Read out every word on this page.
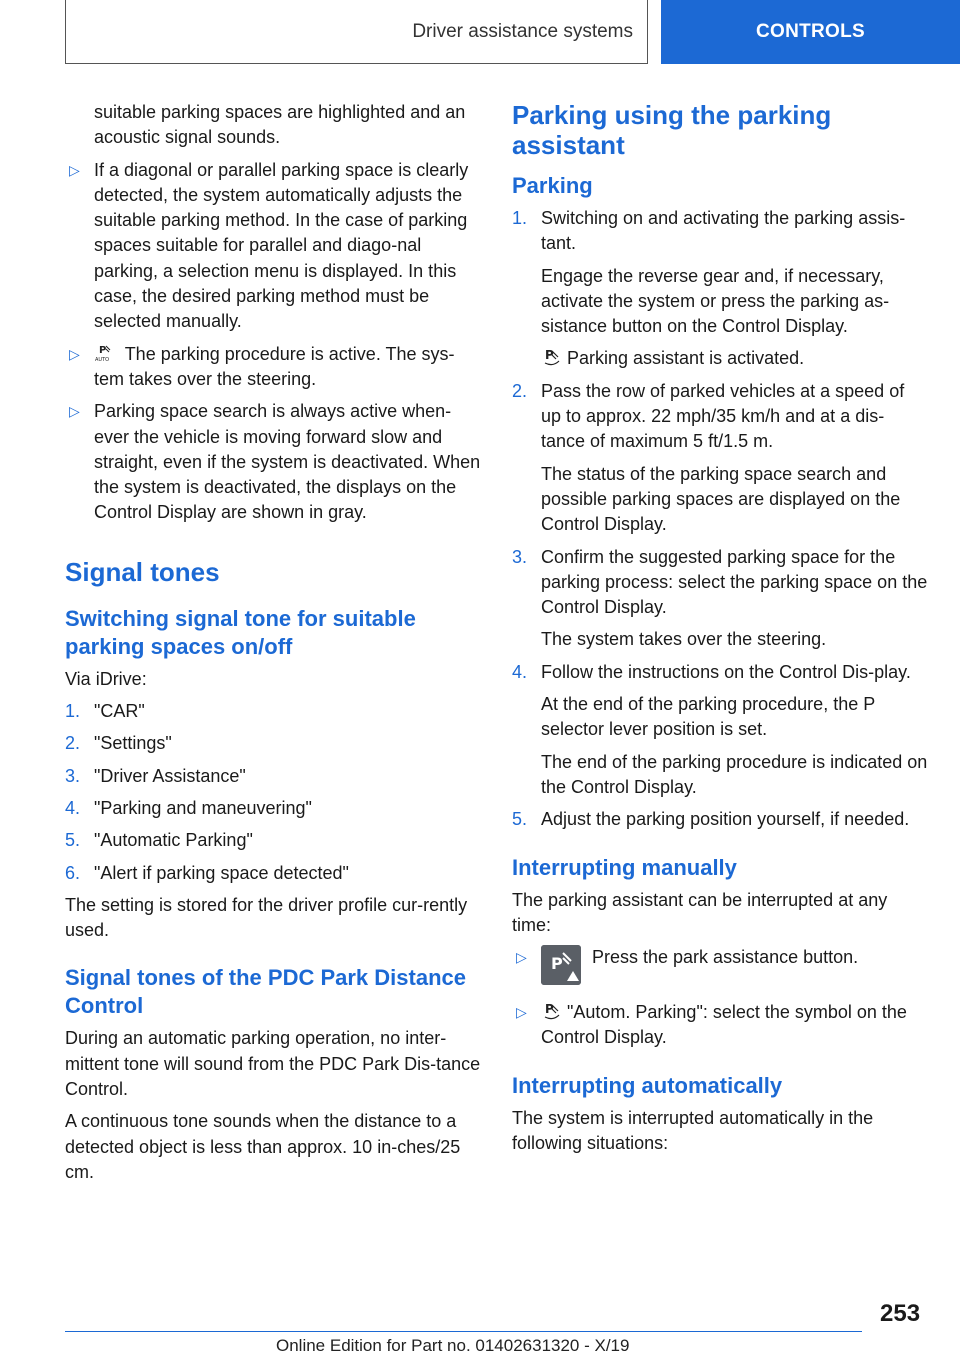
Driver assistance systems	CONTROLS

suitable parking spaces are highlighted and an acoustic signal sounds.

▷ If a diagonal or parallel parking space is clearly detected, the system automatically adjusts the suitable parking method. In the case of parking spaces suitable for parallel and diago‐nal parking, a selection menu is displayed. In this case, the desired parking method must be selected manually.
▷ P
AUTO The parking procedure is active. The sys‐tem takes over the steering.
▷ Parking space search is always active when‐ever the vehicle is moving forward slow and straight, even if the system is deactivated. When the system is deactivated, the displays on the Control Display are shown in gray.
Signal tones
Switching signal tone for suitable parking spaces on/off

Via iDrive:

1. "CAR"
2. "Settings"
3. "Driver Assistance"
4. "Parking and maneuvering"
5. "Automatic Parking"
6. "Alert if parking space detected"

The setting is stored for the driver profile cur‐rently used.

Signal tones of the PDC Park Distance Control

During an automatic parking operation, no inter‐mittent tone will sound from the PDC Park Dis‐tance Control.

A continuous tone sounds when the distance to a detected object is less than approx. 10 in‐ches/25 cm.

Parking using the parking assistant
Parking
1. Switching on and activating the parking assis‐tant.
Engage the reverse gear and, if necessary, activate the system or press the parking as‐sistance button on the Control Display.
P Parking assistant is activated.
2. Pass the row of parked vehicles at a speed of up to approx. 22 mph/35 km/h and at a dis‐tance of maximum 5 ft/1.5 m.
The status of the parking space search and possible parking spaces are displayed on the Control Display.
3. Confirm the suggested parking space for the parking process: select the parking space on the Control Display.
The system takes over the steering.
4. Follow the instructions on the Control Dis‐play.
At the end of the parking procedure, the P selector lever position is set.
The end of the parking procedure is indicated on the Control Display.
5. Adjust the parking position yourself, if needed.
Interrupting manually

The parking assistant can be interrupted at any time:

▷ P	Press the park assistance button.
▷ P "Autom. Parking": select the symbol on the Control Display.
Interrupting automatically

The system is interrupted automatically in the following situations:

253
Online Edition for Part no. 01402631320 - X/19
